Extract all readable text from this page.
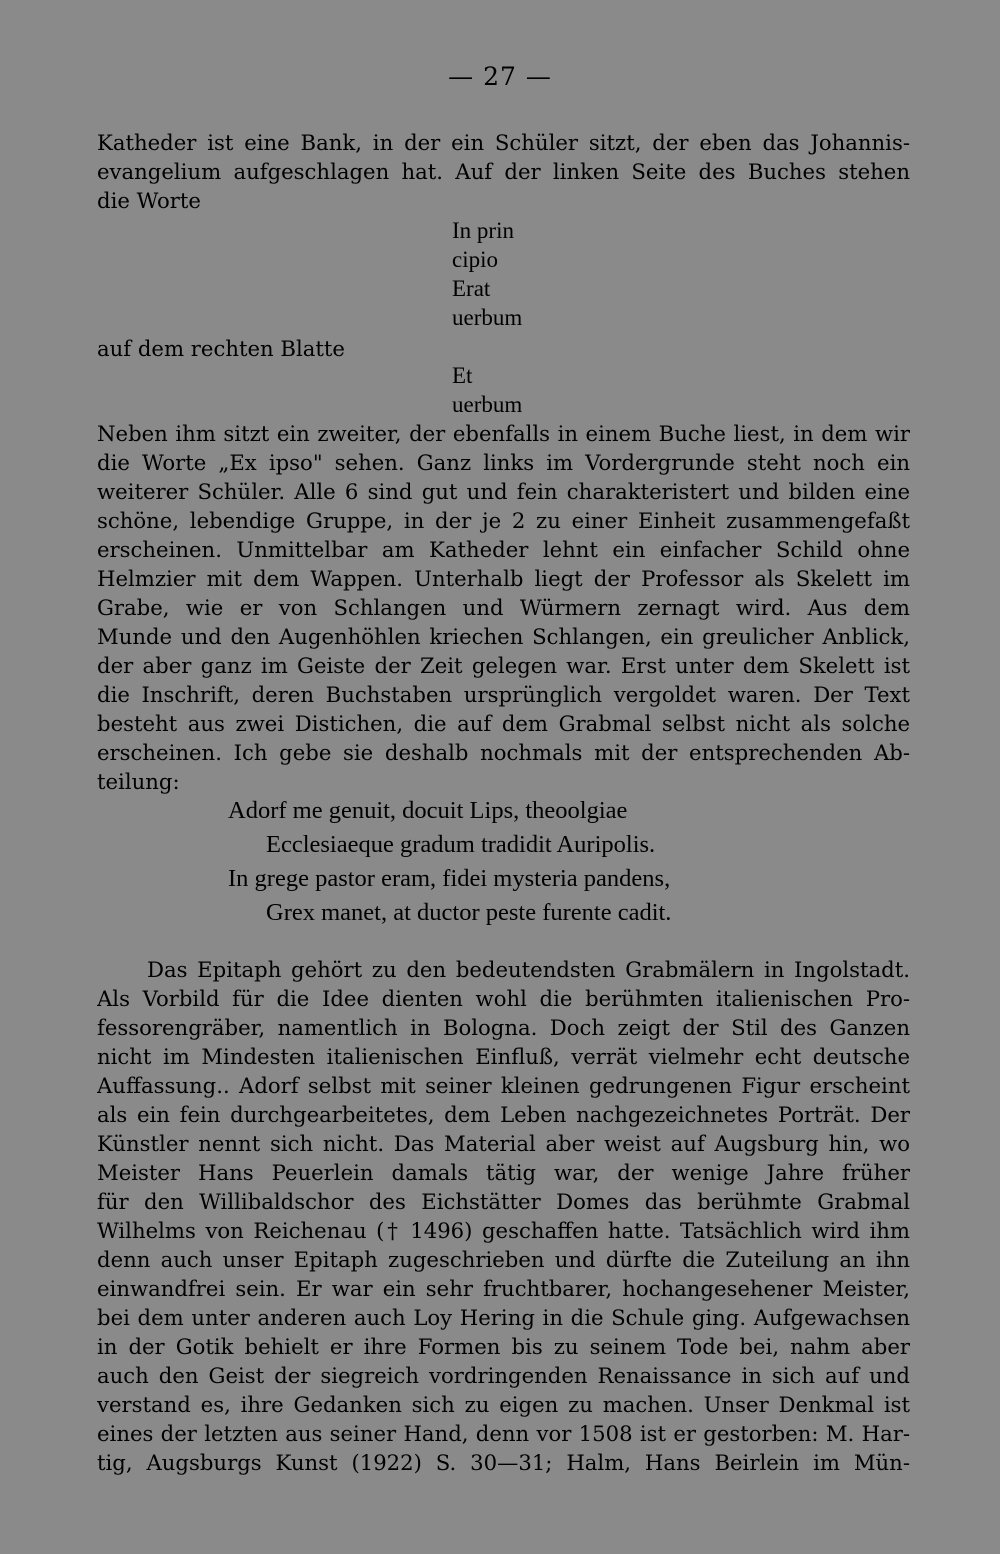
— 27 —
Katheder ist eine Bank, in der ein Schüler sitzt, der eben das Johannis-
evangelium aufgeschlagen hat. Auf der linken Seite des Buches stehen
die Worte
In prin
cipio
Erat
uerbum
auf dem rechten Blatte
Et
uerbum
Neben ihm sitzt ein zweiter, der ebenfalls in einem Buche liest, in dem wir
die Worte „Ex ipso" sehen. Ganz links im Vordergrunde steht noch ein
weiterer Schüler. Alle 6 sind gut und fein charakteristert und bilden eine
schöne, lebendige Gruppe, in der je 2 zu einer Einheit zusammengefaßt
erscheinen. Unmittelbar am Katheder lehnt ein einfacher Schild ohne
Helmzier mit dem Wappen. Unterhalb liegt der Professor als Skelett im
Grabe, wie er von Schlangen und Würmern zernagt wird. Aus dem
Munde und den Augenhöhlen kriechen Schlangen, ein greulicher Anblick,
der aber ganz im Geiste der Zeit gelegen war. Erst unter dem Skelett ist
die Inschrift, deren Buchstaben ursprünglich vergoldet waren. Der Text
besteht aus zwei Distichen, die auf dem Grabmal selbst nicht als solche
erscheinen. Ich gebe sie deshalb nochmals mit der entsprechenden Ab-
teilung:
Adorf me genuit, docuit Lips, theoolgiae
Ecclesiaeque gradum tradidit Auripolis.
In grege pastor eram, fidei mysteria pandens,
Grex manet, at ductor peste furente cadit.
Das Epitaph gehört zu den bedeutendsten Grabmälern in Ingolstadt.
Als Vorbild für die Idee dienten wohl die berühmten italienischen Pro-
fessorengräber, namentlich in Bologna. Doch zeigt der Stil des Ganzen
nicht im Mindesten italienischen Einfluß, verrät vielmehr echt deutsche
Auffassung.. Adorf selbst mit seiner kleinen gedrungenen Figur erscheint
als ein fein durchgearbeitetes, dem Leben nachgezeichnetes Porträt. Der
Künstler nennt sich nicht. Das Material aber weist auf Augsburg hin, wo
Meister Hans Peuerlein damals tätig war, der wenige Jahre früher
für den Willibaldschor des Eichstätter Domes das berühmte Grabmal
Wilhelms von Reichenau († 1496) geschaffen hatte. Tatsächlich wird ihm
denn auch unser Epitaph zugeschrieben und dürfte die Zuteilung an ihn
einwandfrei sein. Er war ein sehr fruchtbarer, hochangesehener Meister,
bei dem unter anderen auch Loy Hering in die Schule ging. Aufgewachsen
in der Gotik behielt er ihre Formen bis zu seinem Tode bei, nahm aber
auch den Geist der siegreich vordringenden Renaissance in sich auf und
verstand es, ihre Gedanken sich zu eigen zu machen. Unser Denkmal ist
eines der letzten aus seiner Hand, denn vor 1508 ist er gestorben: M. Har-
tig, Augsburgs Kunst (1922) S. 30—31; Halm, Hans Beirlein im Mün-
